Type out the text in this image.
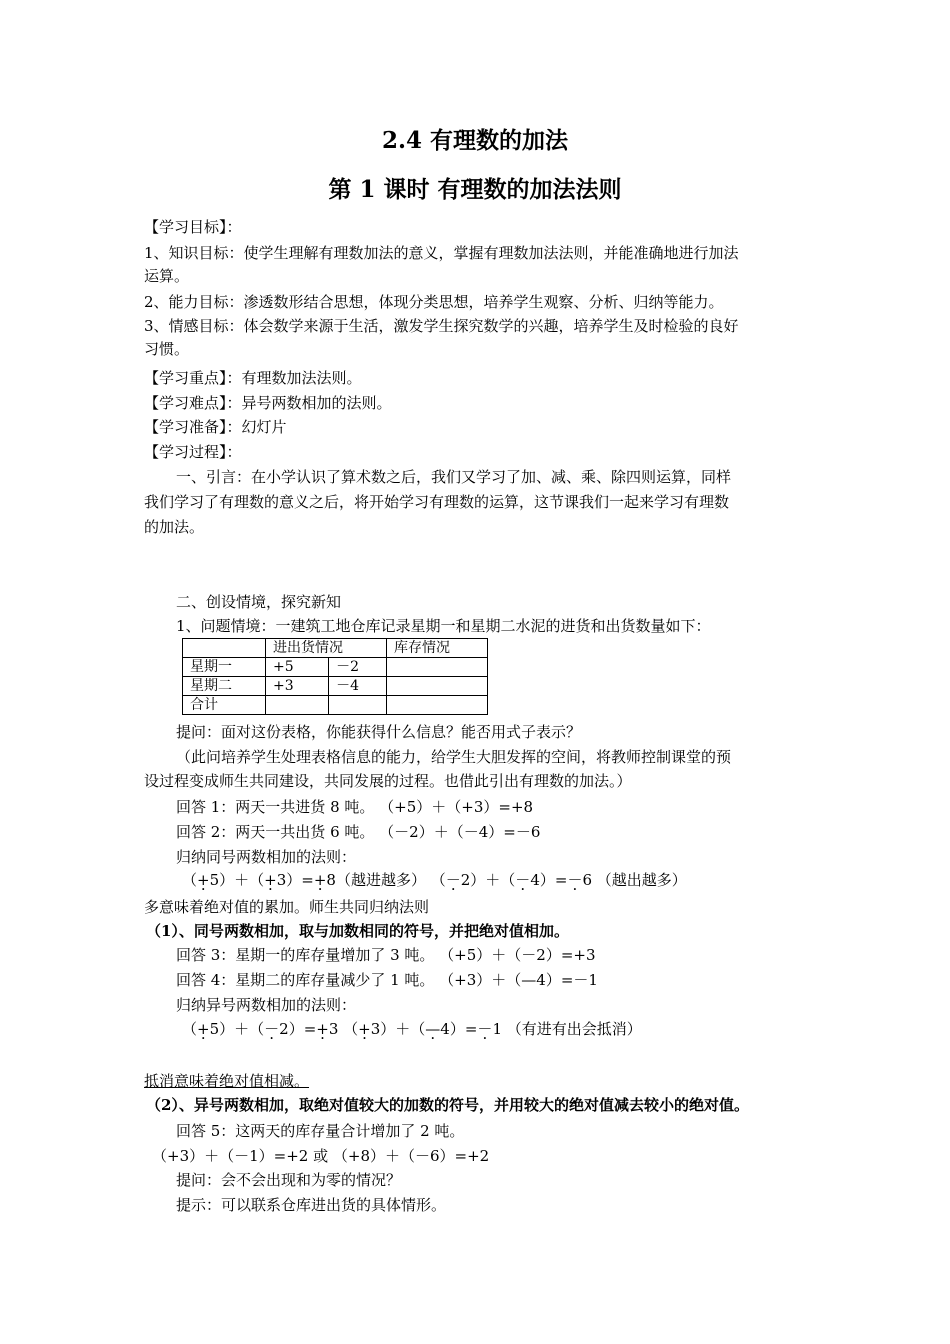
2.4 有理数的加法
第 1 课时 有理数的加法法则
【学习目标】：
1、知识目标：使学生理解有理数加法的意义，掌握有理数加法法则，并能准确地进行加法
运算。
2、能力目标：渗透数形结合思想，体现分类思想，培养学生观察、分析、归纳等能力。
3、情感目标：体会数学来源于生活，激发学生探究数学的兴趣，培养学生及时检验的良好
习惯。
【学习重点】：有理数加法法则。
【学习难点】：异号两数相加的法则。
【学习准备】：幻灯片
【学习过程】：
一、引言：在小学认识了算术数之后，我们又学习了加、减、乘、除四则运算，同样
我们学习了有理数的意义之后，将开始学习有理数的运算，这节课我们一起来学习有理数
的加法。
二、创设情境，探究新知
1、问题情境：一建筑工地仓库记录星期一和星期二水泥的进货和出货数量如下：
	进出货情况		库存情况
星期一	+5	－2	
星期二	+3	－4	
合计			
提问：面对这份表格，你能获得什么信息？能否用式子表示？
（此问培养学生处理表格信息的能力，给学生大胆发挥的空间，将教师控制课堂的预
设过程变成师生共同建设，共同发展的过程。也借此引出有理数的加法。）
回答 1：两天一共进货 8 吨。 （+5）＋（+3）=+8
回答 2：两天一共出货 6 吨。 （－2）＋（－4）=－6
归纳同号两数相加的法则：
（+ ·5）＋（+ ·3）=+ ·8（越进越多） （－ ·2）＋（－ ·4）=－ ·6 （越出越多）
多意味着绝对值的累加。师生共同归纳法则
（1）、同号两数相加，取与加数相同的符号，并把绝对值相加。
回答 3：星期一的库存量增加了 3 吨。 （+5）＋（－2）=+3
回答 4：星期二的库存量减少了 1 吨。 （+3）＋（—4）=－1
归纳异号两数相加的法则：
（+ ·5）＋（－ ·2）=+ ·3 （+ ·3）＋（— ·4）=－ ·1 （有进有出会抵消）
抵消意味着绝对值相减。
（2）、异号两数相加，取绝对值较大的加数的符号，并用较大的绝对值减去较小的绝对值。
回答 5：这两天的库存量合计增加了 2 吨。
（+3）＋（－1）=+2 或 （+8）＋（－6）=+2
提问：会不会出现和为零的情况？
提示：可以联系仓库进出货的具体情形。
